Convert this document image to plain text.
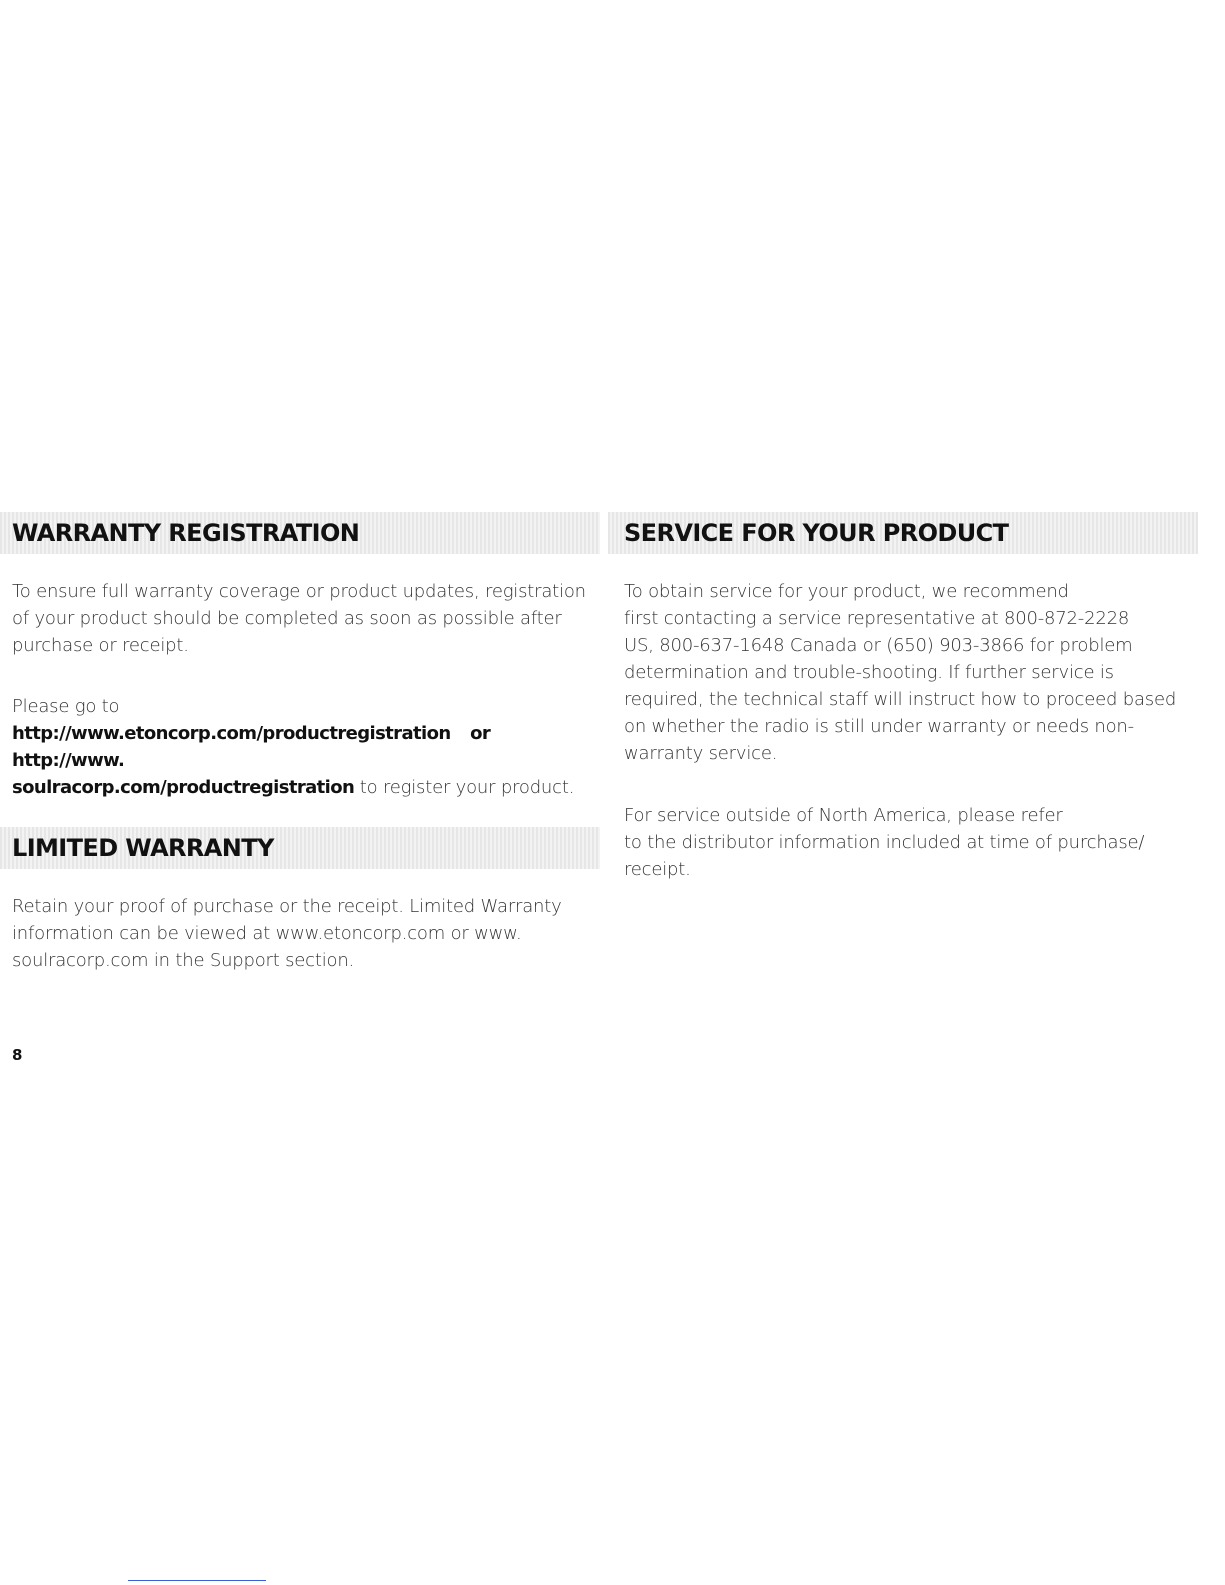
WARRANTY REGISTRATION

To ensure full warranty coverage or product updates, registration
of your product should be completed as soon as possible after
purchase or receipt.

Please go to
http://www.etoncorp.com/productregistration or http://www.
soulracorp.com/productregistration to register your product.

LIMITED WARRANTY

Retain your proof of purchase or the receipt. Limited Warranty
information can be viewed at www.etoncorp.com or www.
soulracorp.com in the Support section.

SERVICE FOR YOUR PRODUCT

To obtain service for your product, we recommend
first contacting a service representative at 800-872-2228
US, 800-637-1648 Canada or (650) 903-3866 for problem
determination and trouble-shooting. If further service is
required, the technical staff will instruct how to proceed based
on whether the radio is still under warranty or needs non-
warranty service.

For service outside of North America, please refer
to the distributor information included at time of purchase/
receipt.

8
